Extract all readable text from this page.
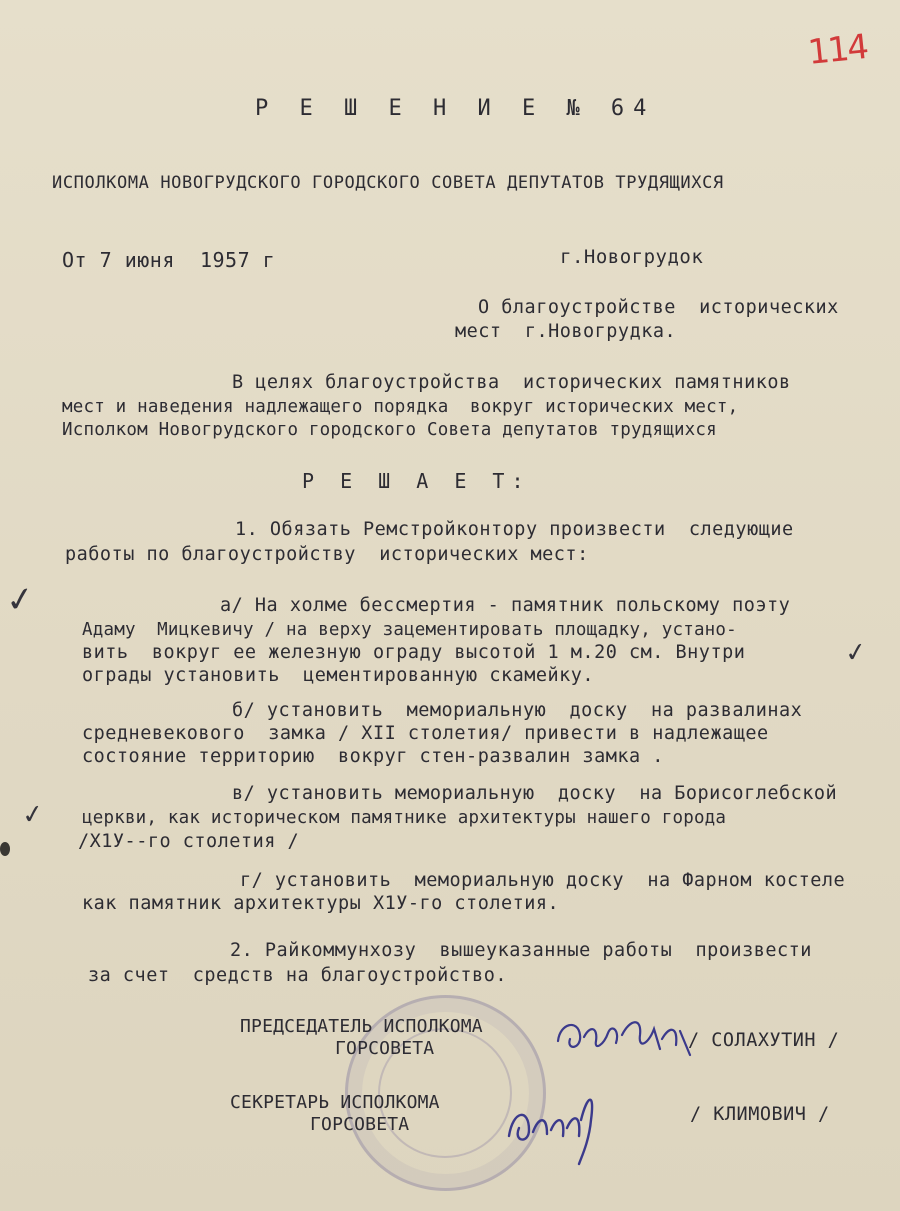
114
Р Е Ш Е Н И Е № 64
ИСПОЛКОМА НОВОГРУДСКОГО ГОРОДСКОГО СОВЕТА ДЕПУТАТОВ ТРУДЯЩИХСЯ
От 7 июня  1957 г	г.Новогрудок
О благоустройстве  исторических
мест  г.Новогрудка.
В целях благоустройства  исторических памятников
мест и наведения надлежащего порядка  вокруг исторических мест,
Исполком Новогрудского городского Совета депутатов трудящихся
Р Е Ш А Е Т:
1. Обязать Ремстройконтору произвести  следующие
работы по благоустройству  исторических мест:
✓	а/ На холме бессмертия - памятник польскому поэту
Адаму  Мицкевичу / на верху зацементировать площадку, устано-
вить  вокруг ее железную ограду высотой 1 м.20 см. Внутри
ограды установить  цементированную скамейку.
✓
б/ установить  мемориальную  доску  на развалинах
средневекового  замка / XII столетия/ привести в надлежащее
состояние территорию  вокруг стен-развалин замка .
✓
в/ установить мемориальную  доску  на Борисоглебской
церкви, как историческом памятнике архитектуры нашего города
/Х1У--го столетия /
г/ установить  мемориальную доску  на Фарном костеле
как памятник архитектуры Х1У-го столетия.
2. Райкоммунхозу  вышеуказанные работы  произвести
за счет  средств на благоустройство.
ПРЕДСЕДАТЕЛЬ ИСПОЛКОМА
ГОРСОВЕТА	/ СОЛАХУТИН /
СЕКРЕТАРЬ ИСПОЛКОМА
ГОРСОВЕТА	/ КЛИМОВИЧ /
